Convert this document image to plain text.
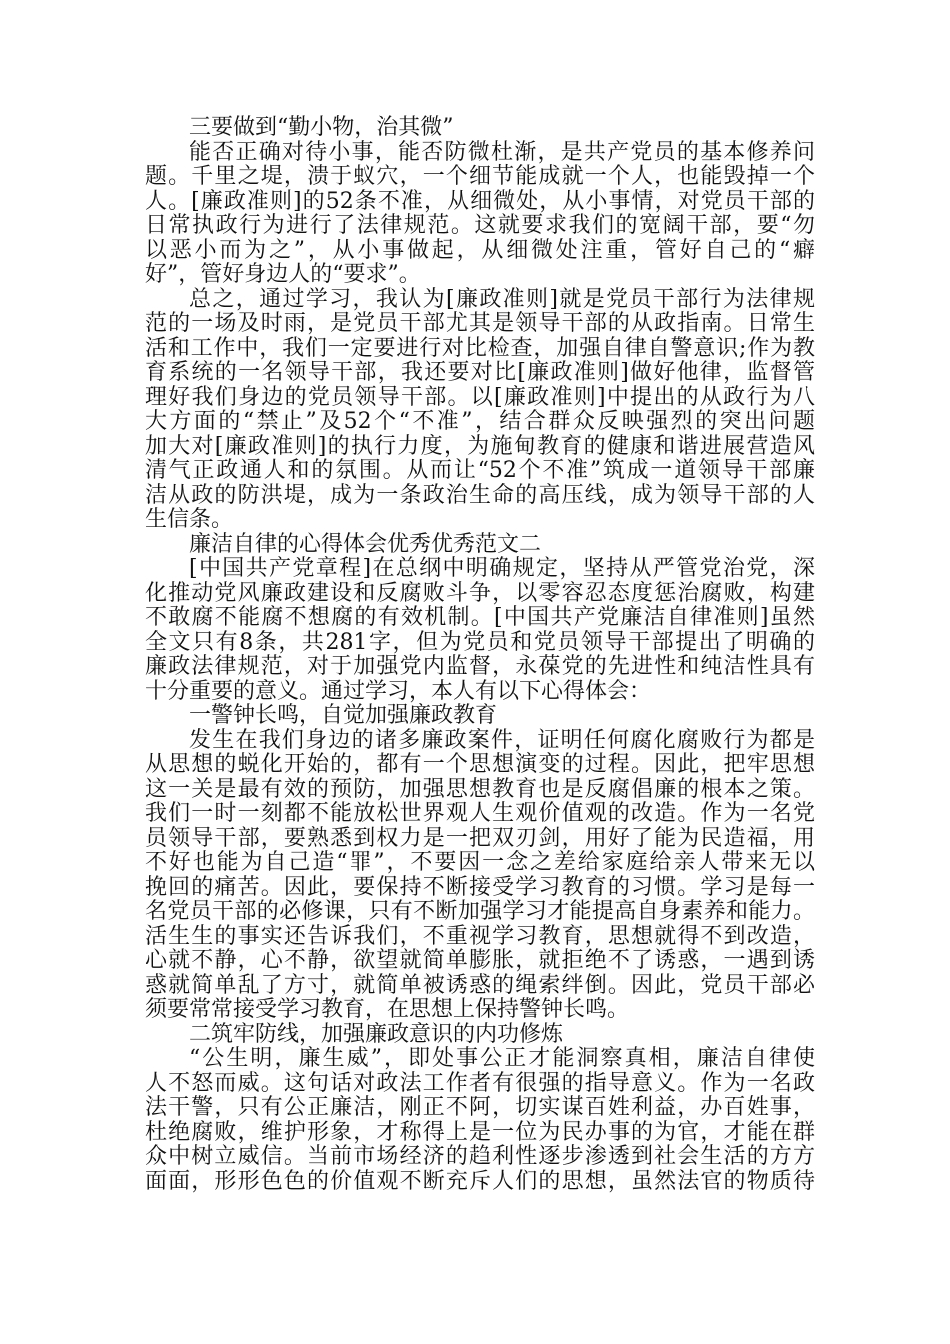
三要做到“勤小物，治其微”
能否正确对待小事，能否防微杜渐，是共产党员的基本修养问
题。千里之堤，溃于蚁穴，一个细节能成就一个人，也能毁掉一个
人。[廉政准则]的52条不准，从细微处，从小事情，对党员干部的
日常执政行为进行了法律规范。这就要求我们的宽阔干部，要“勿
以恶小而为之”，从小事做起，从细微处注重，管好自己的“癖
好”，管好身边人的“要求”。
总之，通过学习，我认为[廉政准则]就是党员干部行为法律规
范的一场及时雨，是党员干部尤其是领导干部的从政指南。日常生
活和工作中，我们一定要进行对比检查，加强自律自警意识;作为教
育系统的一名领导干部，我还要对比[廉政准则]做好他律，监督管
理好我们身边的党员领导干部。以[廉政准则]中提出的从政行为八
大方面的“禁止”及52个“不准”，结合群众反映强烈的突出问题
加大对[廉政准则]的执行力度，为施甸教育的健康和谐进展营造风
清气正政通人和的氛围。从而让“52个不准”筑成一道领导干部廉
洁从政的防洪堤，成为一条政治生命的高压线，成为领导干部的人
生信条。
廉洁自律的心得体会优秀优秀范文二
[中国共产党章程]在总纲中明确规定，坚持从严管党治党，深
化推动党风廉政建设和反腐败斗争，以零容忍态度惩治腐败，构建
不敢腐不能腐不想腐的有效机制。[中国共产党廉洁自律准则]虽然
全文只有8条，共281字，但为党员和党员领导干部提出了明确的
廉政法律规范，对于加强党内监督，永葆党的先进性和纯洁性具有
十分重要的意义。通过学习，本人有以下心得体会：
一警钟长鸣，自觉加强廉政教育
发生在我们身边的诸多廉政案件，证明任何腐化腐败行为都是
从思想的蜕化开始的，都有一个思想演变的过程。因此，把牢思想
这一关是最有效的预防，加强思想教育也是反腐倡廉的根本之策。
我们一时一刻都不能放松世界观人生观价值观的改造。作为一名党
员领导干部，要熟悉到权力是一把双刃剑，用好了能为民造福，用
不好也能为自己造“罪”，不要因一念之差给家庭给亲人带来无以
挽回的痛苦。因此，要保持不断接受学习教育的习惯。学习是每一
名党员干部的必修课，只有不断加强学习才能提高自身素养和能力。
活生生的事实还告诉我们，不重视学习教育，思想就得不到改造，
心就不静，心不静，欲望就简单膨胀，就拒绝不了诱惑，一遇到诱
惑就简单乱了方寸，就简单被诱惑的绳索绊倒。因此，党员干部必
须要常常接受学习教育，在思想上保持警钟长鸣。
二筑牢防线，加强廉政意识的内功修炼
“公生明，廉生威”，即处事公正才能洞察真相，廉洁自律使
人不怒而威。这句话对政法工作者有很强的指导意义。作为一名政
法干警，只有公正廉洁，刚正不阿，切实谋百姓利益，办百姓事，
杜绝腐败，维护形象，才称得上是一位为民办事的为官，才能在群
众中树立威信。当前市场经济的趋利性逐步渗透到社会生活的方方
面面，形形色色的价值观不断充斥人们的思想，虽然法官的物质待
